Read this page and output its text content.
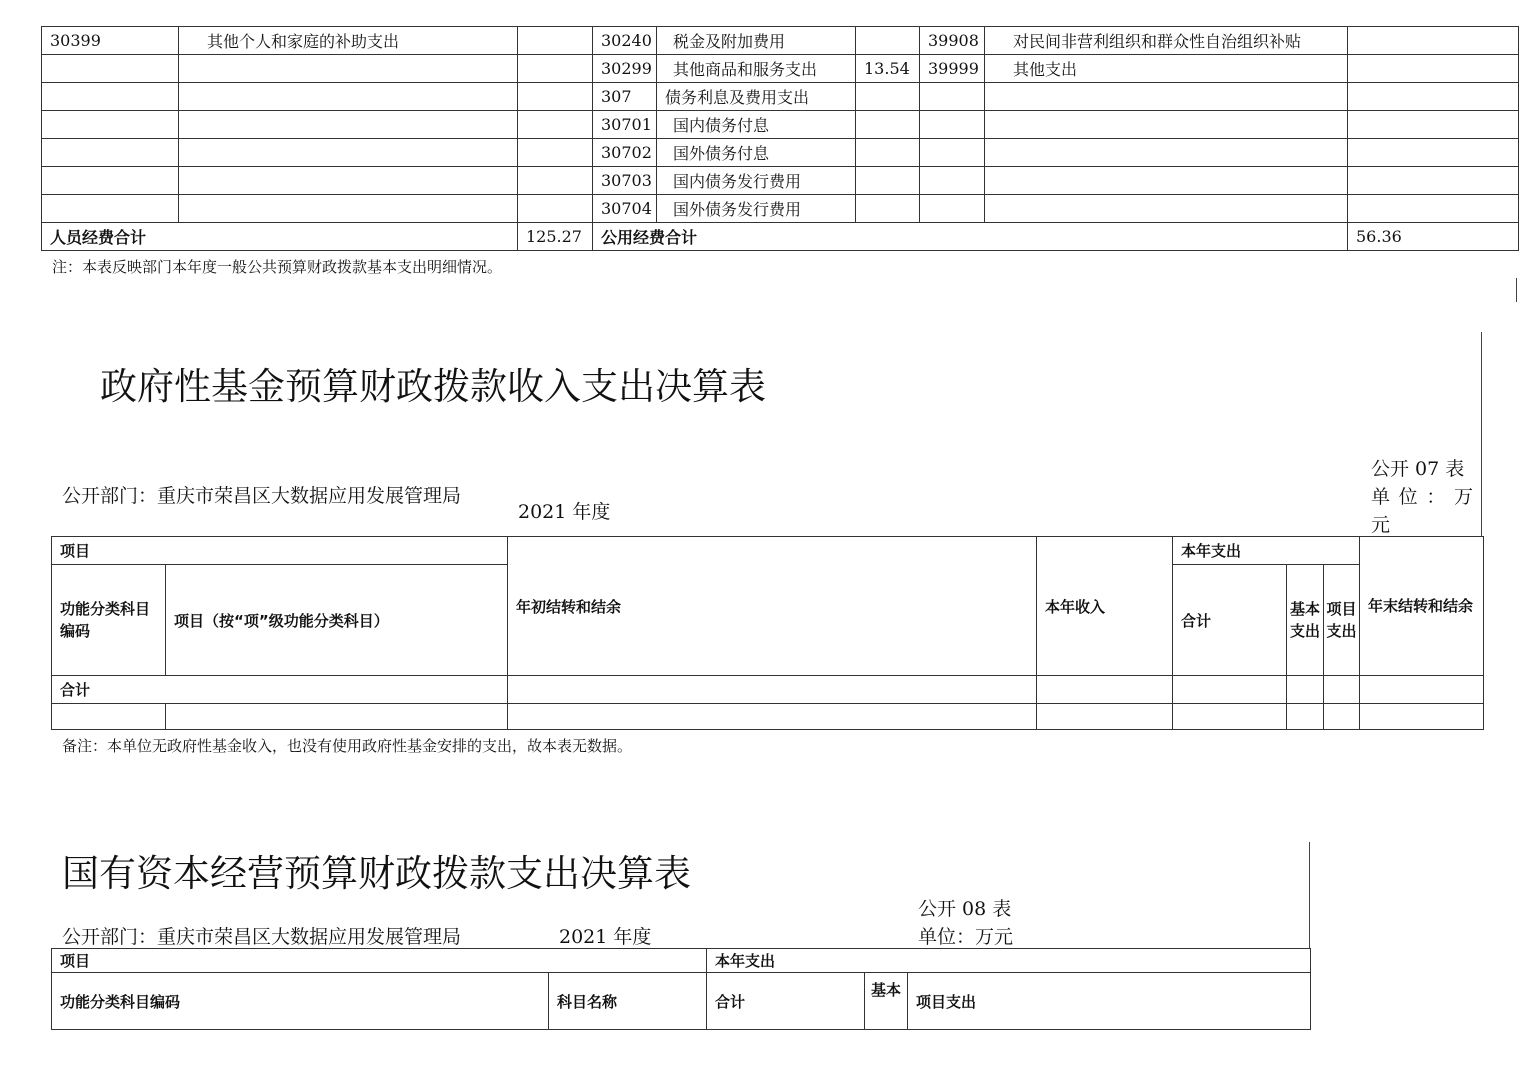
30399	其他个人和家庭的补助支出		30240	税金及附加费用		39908	对民间非营利组织和群众性自治组织补贴	
			30299	其他商品和服务支出	13.54	39999	其他支出	
			307	债务利息及费用支出				
			30701	国内债务付息				
			30702	国外债务付息				
			30703	国内债务发行费用				
			30704	国外债务发行费用				
人员经费合计		125.27	公用经费合计					56.36
注：本表反映部门本年度一般公共预算财政拨款基本支出明细情况。
政府性基金预算财政拨款收入支出决算表
公开 07 表
单 位 ： 万 元
公开部门：重庆市荣昌区大数据应用发展管理局
2021 年度
项目		年初结转和结余	本年收入	本年支出			年末结转和结余
功能分类科目编码	项目（按“项”级功能分类科目）			合计	基本支出	项目支出	
合计							

备注：本单位无政府性基金收入，也没有使用政府性基金安排的支出，故本表无数据。
国有资本经营预算财政拨款支出决算表
公开 08 表
单位：万元
公开部门：重庆市荣昌区大数据应用发展管理局	2021 年度
项目		本年支出		
功能分类科目编码	科目名称	合计	基本	项目支出
